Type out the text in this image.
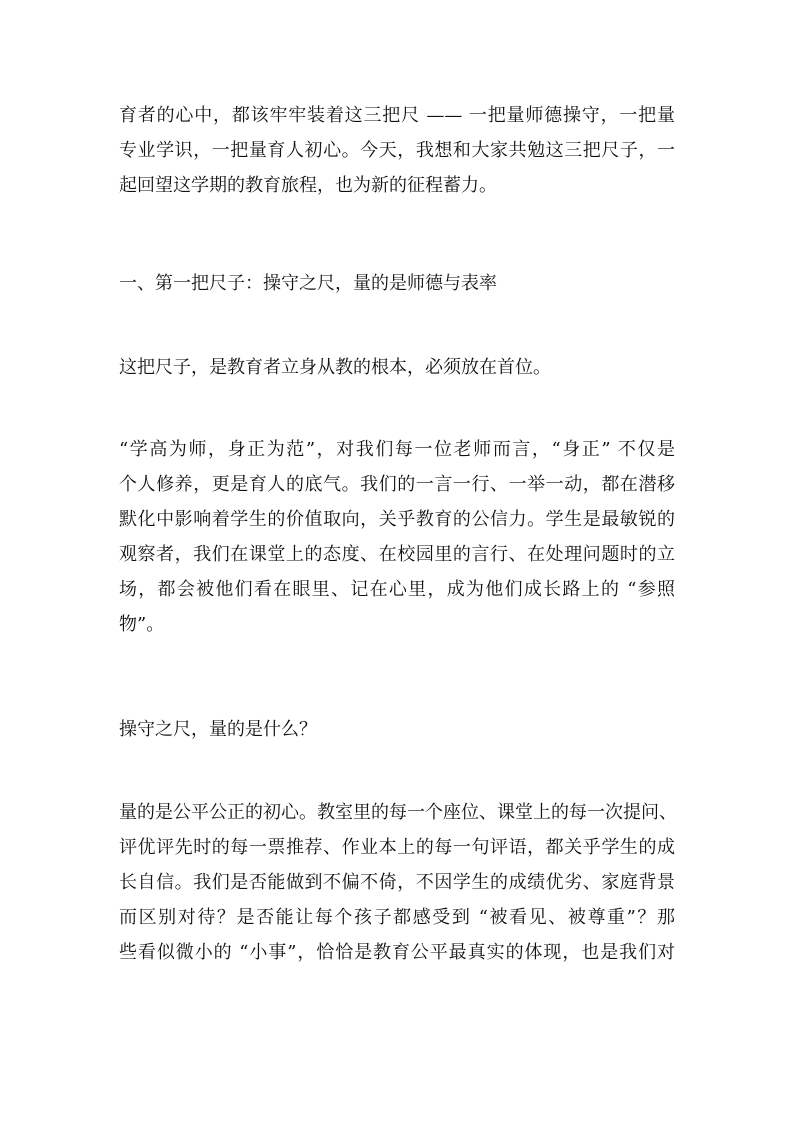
育者的心中，都该牢牢装着这三把尺 —— 一把量师德操守，一把量
专业学识，一把量育人初心。今天，我想和大家共勉这三把尺子，一
起回望这学期的教育旅程，也为新的征程蓄力。
一、第一把尺子：操守之尺，量的是师德与表率
这把尺子，是教育者立身从教的根本，必须放在首位。
“学高为师，身正为范”，对我们每一位老师而言，“身正” 不仅是
个人修养，更是育人的底气。我们的一言一行、一举一动，都在潜移
默化中影响着学生的价值取向，关乎教育的公信力。学生是最敏锐的
观察者，我们在课堂上的态度、在校园里的言行、在处理问题时的立
场，都会被他们看在眼里、记在心里，成为他们成长路上的 “参照
物”。
操守之尺，量的是什么？
量的是公平公正的初心。教室里的每一个座位、课堂上的每一次提问、
评优评先时的每一票推荐、作业本上的每一句评语，都关乎学生的成
长自信。我们是否能做到不偏不倚，不因学生的成绩优劣、家庭背景
而区别对待？是否能让每个孩子都感受到 “被看见、被尊重”？那
些看似微小的 “小事”，恰恰是教育公平最真实的体现，也是我们对
